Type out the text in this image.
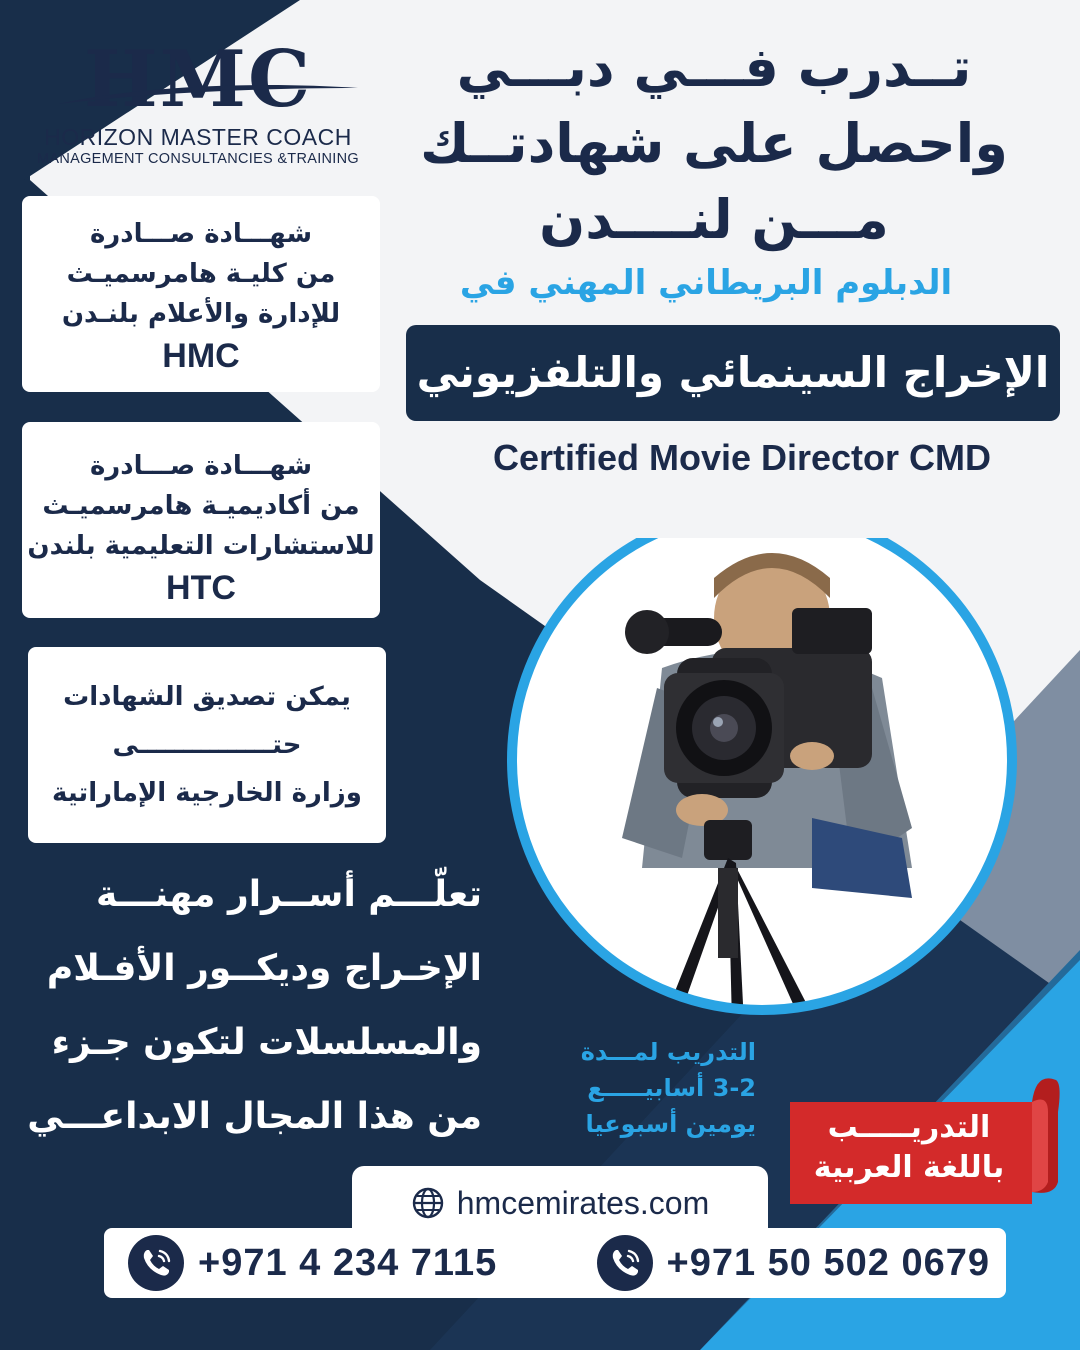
HMC
HORIZON MASTER COACH
MANAGEMENT CONSULTANCIES &TRAINING
شهـــادة صـــادرة
من كليـة هامرسميـث
للإدارة والأعلام بلنـدن
HMC
شهـــادة صـــادرة
من أكاديميـة هامرسميـث
للاستشارات التعليمية بلندن
HTC
يمكن تصديق الشهادات
حتـــــــــــــــى
وزارة الخارجية الإماراتية
تــدرب فـــي دبـــي
واحصل على شهادتــك
مـــن لنــــدن
الدبلوم البريطاني المهني في
الإخراج السينمائي والتلفزيوني
Certified Movie Director CMD
تعلّـــم أســرار مهنـــة
الإخـراج وديكــور الأفـلام
والمسلسلات لتكون جـزء
من هذا المجال الابداعـــي
التدريب لمـــدة
3-2 أسابيـــــع
يومين أسبوعيا	التدريـــــب
باللغة العربية
hmcemirates.com
+971 4 234 7115	+971 50 502 0679
